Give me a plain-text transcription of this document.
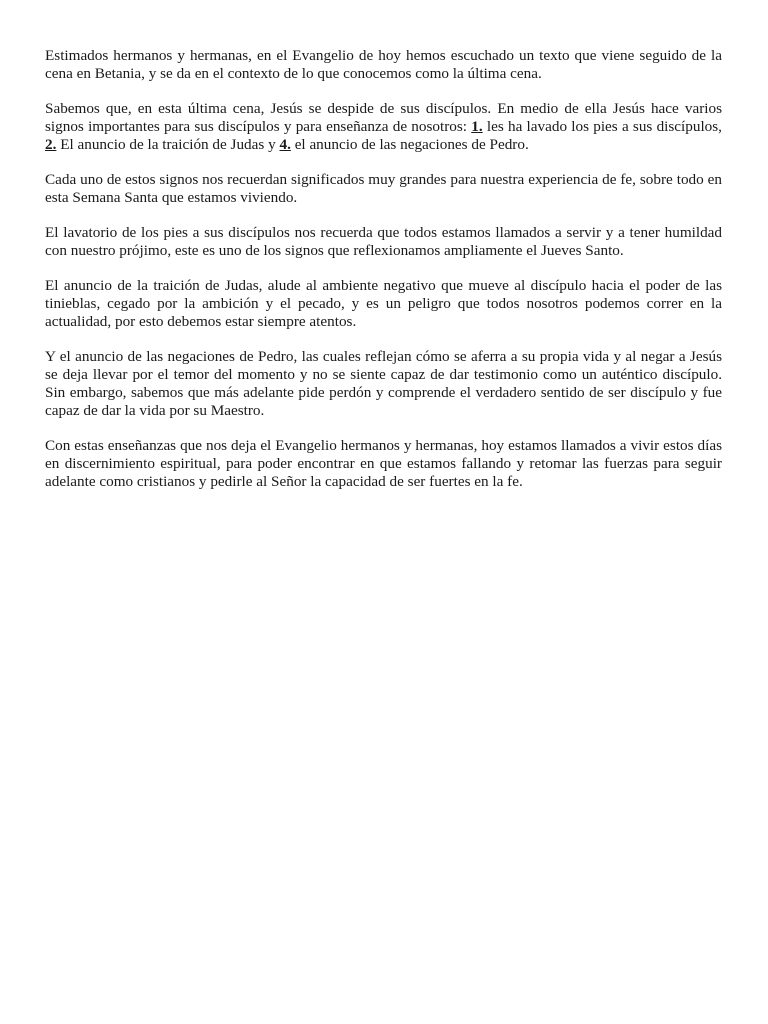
Estimados hermanos y hermanas, en el Evangelio de hoy hemos escuchado un texto que viene seguido de la cena en Betania, y se da en el contexto de lo que conocemos como la última cena.

Sabemos que, en esta última cena, Jesús se despide de sus discípulos. En medio de ella Jesús hace varios signos importantes para sus discípulos y para enseñanza de nosotros: 1. les ha lavado los pies a sus discípulos, 2. El anuncio de la traición de Judas y 4. el anuncio de las negaciones de Pedro.

Cada uno de estos signos nos recuerdan significados muy grandes para nuestra experiencia de fe, sobre todo en esta Semana Santa que estamos viviendo.

El lavatorio de los pies a sus discípulos nos recuerda que todos estamos llamados a servir y a tener humildad con nuestro prójimo, este es uno de los signos que reflexionamos ampliamente el Jueves Santo.

El anuncio de la traición de Judas, alude al ambiente negativo que mueve al discípulo hacia el poder de las tinieblas, cegado por la ambición y el pecado, y es un peligro que todos nosotros podemos correr en la actualidad, por esto debemos estar siempre atentos.

Y el anuncio de las negaciones de Pedro, las cuales reflejan cómo se aferra a su propia vida y al negar a Jesús se deja llevar por el temor del momento y no se siente capaz de dar testimonio como un auténtico discípulo. Sin embargo, sabemos que más adelante pide perdón y comprende el verdadero sentido de ser discípulo y fue capaz de dar la vida por su Maestro.

Con estas enseñanzas que nos deja el Evangelio hermanos y hermanas, hoy estamos llamados a vivir estos días en discernimiento espiritual, para poder encontrar en que estamos fallando y retomar las fuerzas para seguir adelante como cristianos y pedirle al Señor la capacidad de ser fuertes en la fe.
